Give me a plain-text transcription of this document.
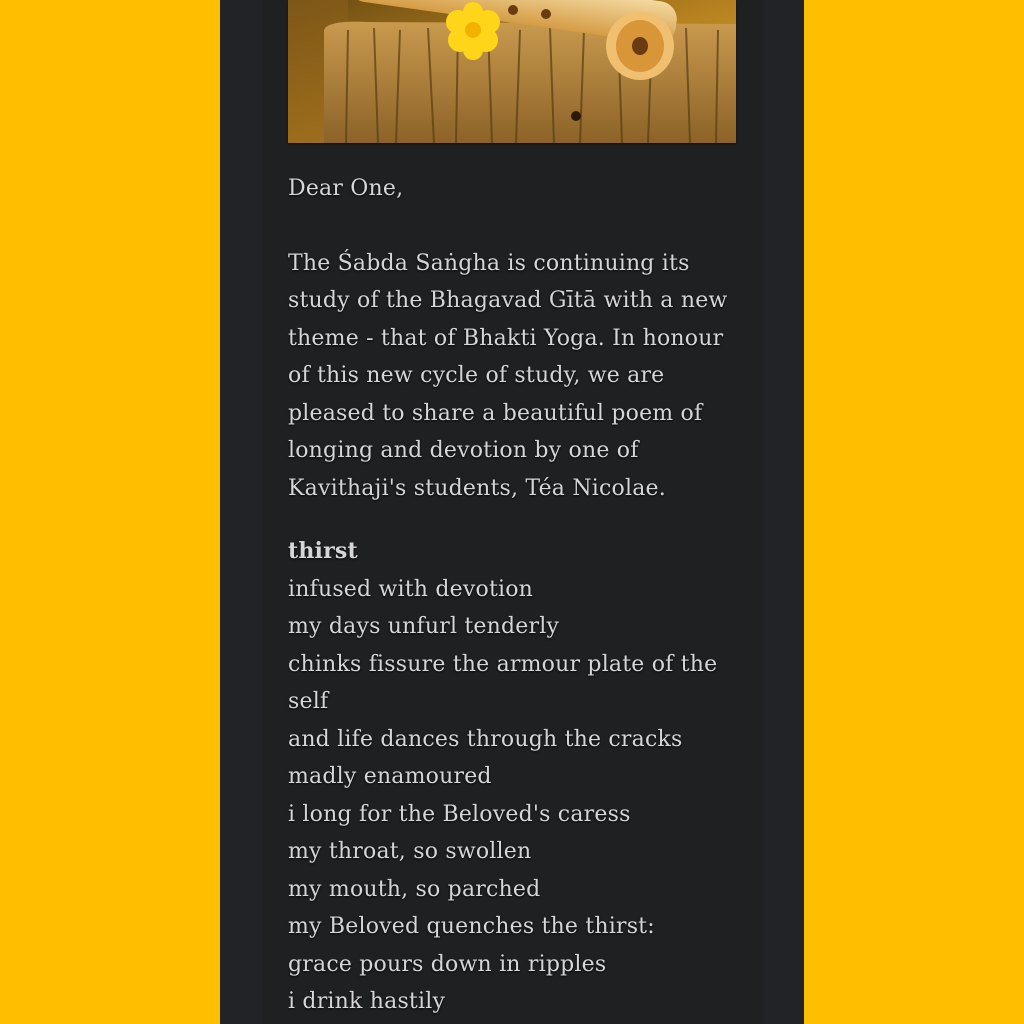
Dear One,

The Śabda Saṅgha is continuing its study of the Bhagavad Gītā with a new theme - that of Bhakti Yoga. In honour of this new cycle of study, we are pleased to share a beautiful poem of longing and devotion by one of Kavithaji's students, Téa Nicolae.

thirst
infused with devotion
my days unfurl tenderly
chinks fissure the armour plate of the self
and life dances through the cracks
madly enamoured
i long for the Beloved's caress
my throat, so swollen
my mouth, so parched
my Beloved quenches the thirst:
grace pours down in ripples
i drink hastily
